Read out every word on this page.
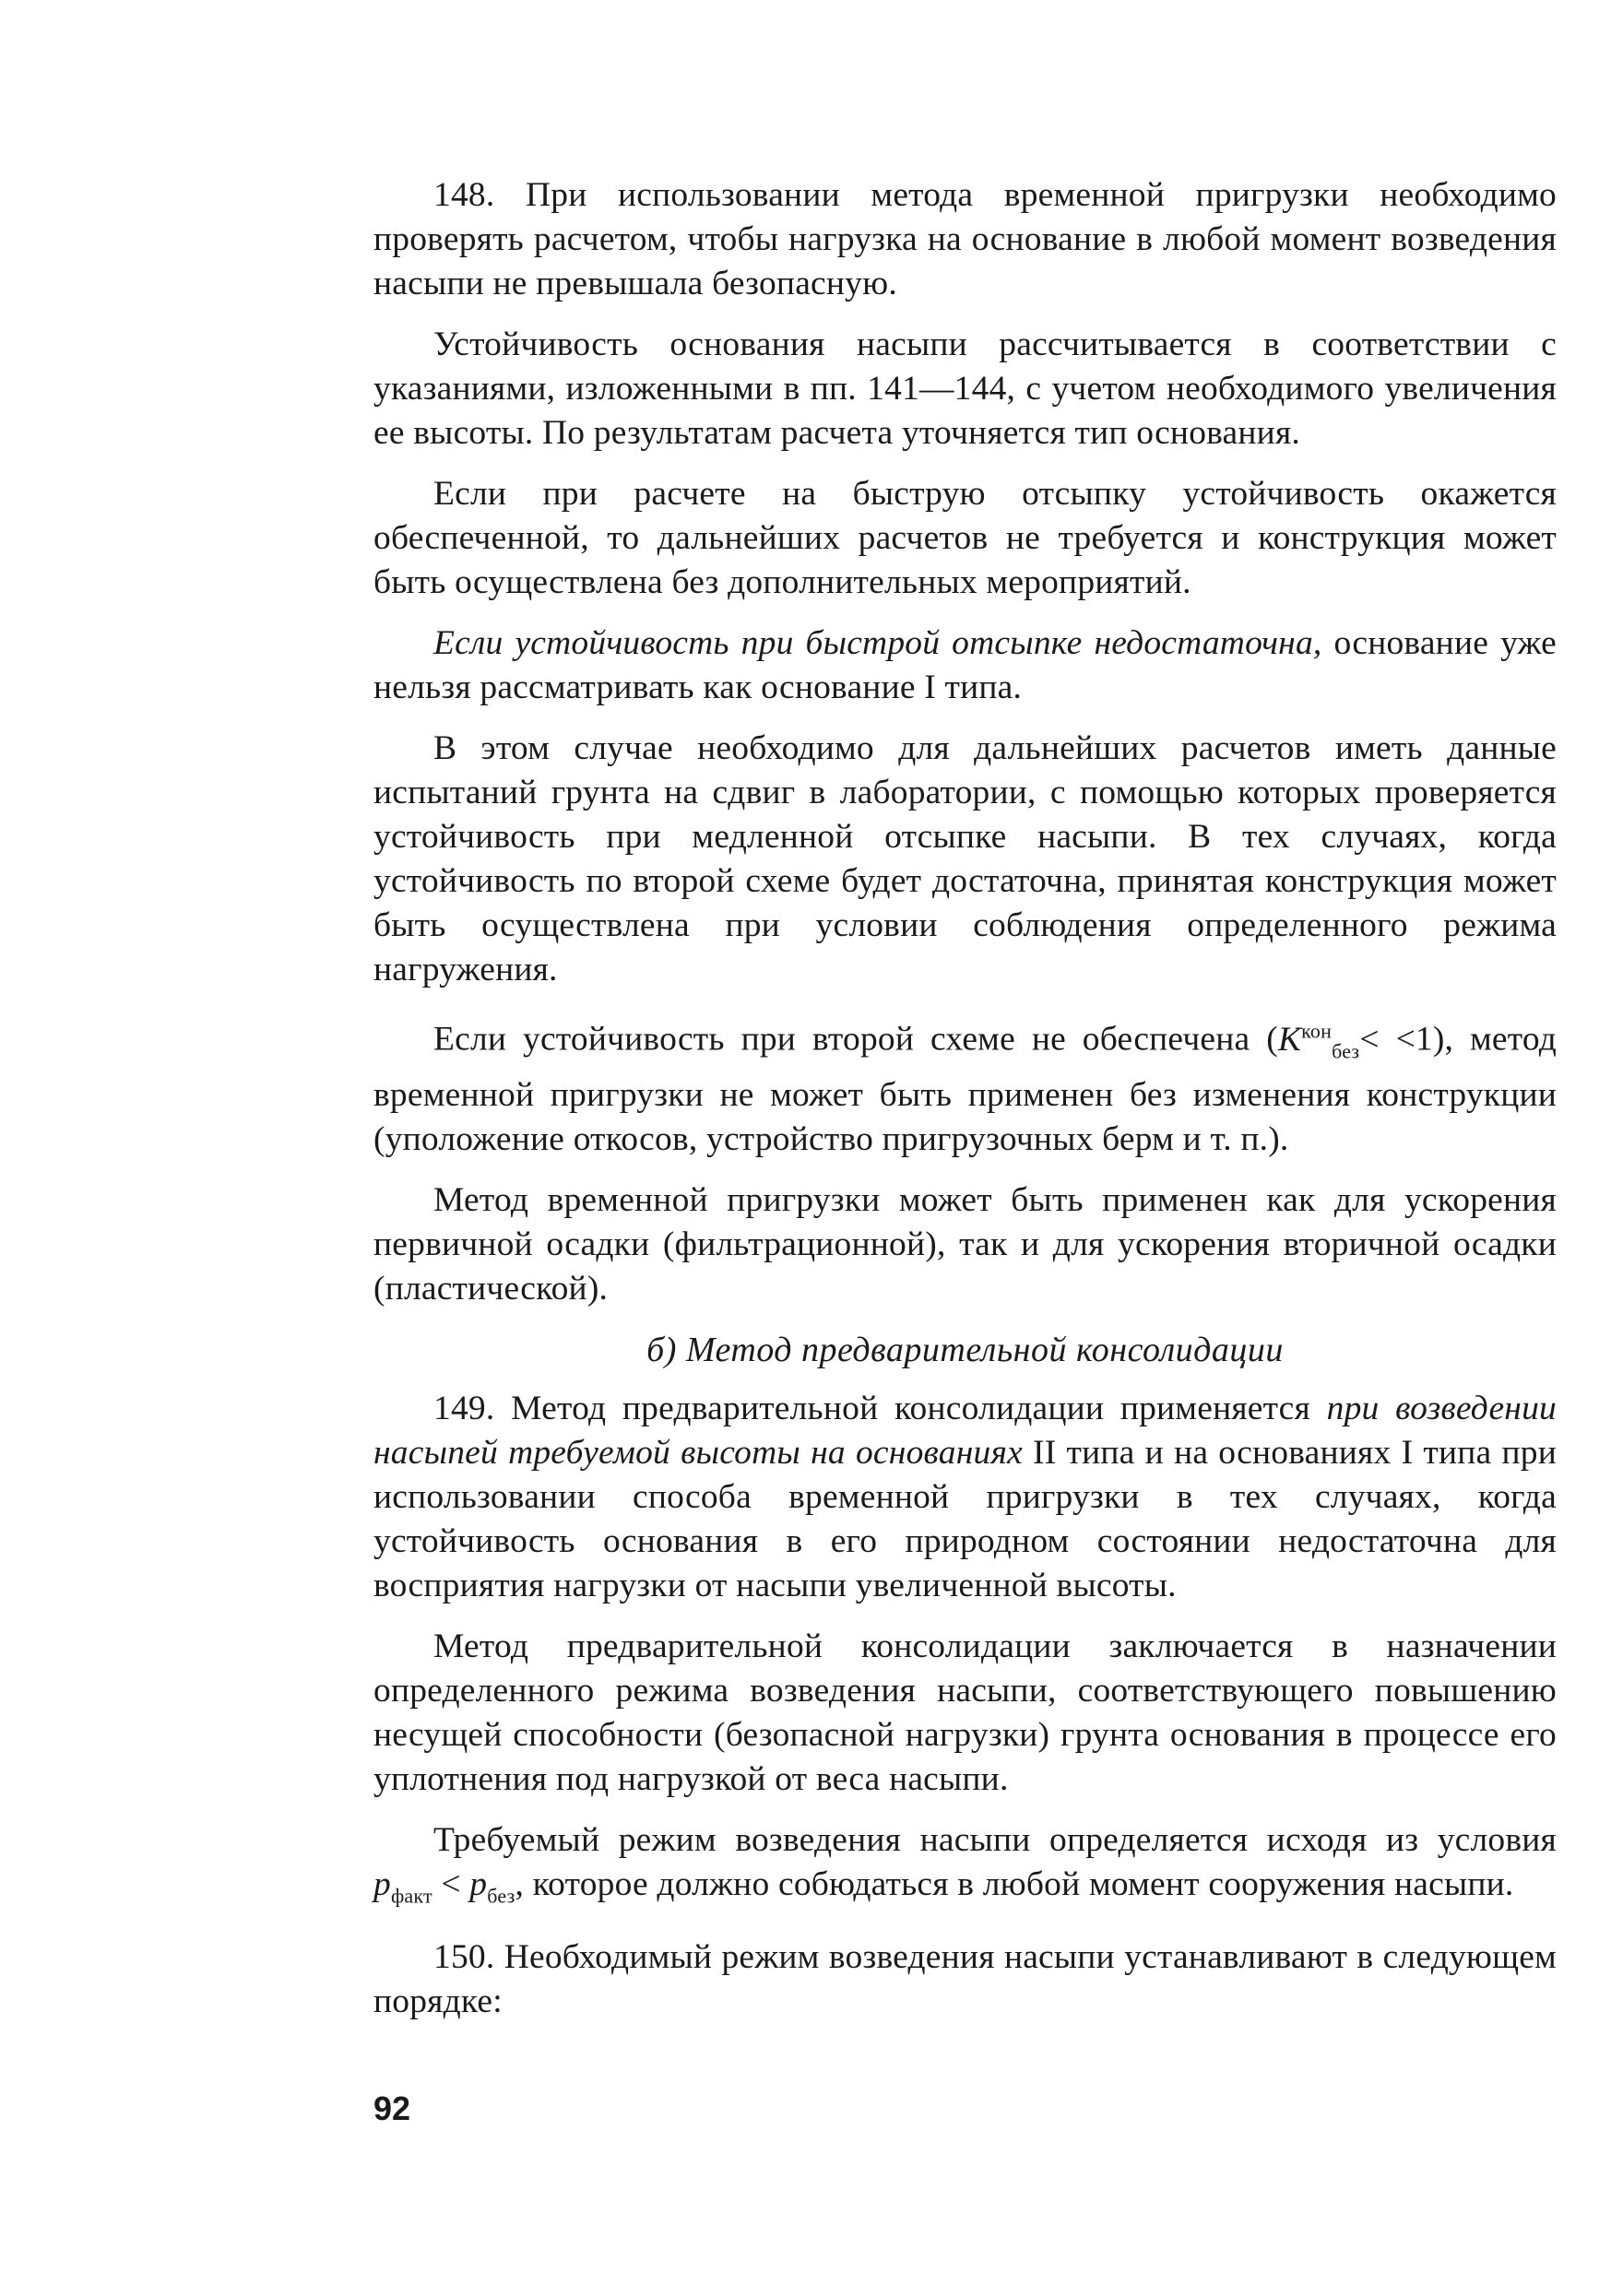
148. При использовании метода временной пригрузки необходимо проверять расчетом, чтобы нагрузка на основание в любой момент возведения насыпи не превышала безопасную.

Устойчивость основания насыпи рассчитывается в соответствии с указаниями, изложенными в пп. 141—144, с учетом необходимого увеличения ее высоты. По результатам расчета уточняется тип основания.

Если при расчете на быструю отсыпку устойчивость окажется обеспеченной, то дальнейших расчетов не требуется и конструкция может быть осуществлена без дополнительных мероприятий.

Если устойчивость при быстрой отсыпке недостаточна, основание уже нельзя рассматривать как основание I типа.

В этом случае необходимо для дальнейших расчетов иметь данные испытаний грунта на сдвиг в лаборатории, с помощью которых проверяется устойчивость при медленной отсыпке насыпи. В тех случаях, когда устойчивость по второй схеме будет достаточна, принятая конструкция может быть осуществлена при условии соблюдения определенного режима нагружения.

Если устойчивость при второй схеме не обеспечена $(K^{кон}_{без}< <1)$, метод временной пригрузки не может быть применен без изменения конструкции (уположение откосов, устройство пригрузочных берм и т. п.).

Метод временной пригрузки может быть применен как для ускорения первичной осадки (фильтрационной), так и для ускорения вторичной осадки (пластической).

б) Метод предварительной консолидации

149. Метод предварительной консолидации применяется при возведении насыпей требуемой высоты на основаниях II типа и на основаниях I типа при использовании способа временной пригрузки в тех случаях, когда устойчивость основания в его природном состоянии недостаточна для восприятия нагрузки от насыпи увеличенной высоты.

Метод предварительной консолидации заключается в назначении определенного режима возведения насыпи, соответствующего повышению несущей способности (безопасной нагрузки) грунта основания в процессе его уплотнения под нагрузкой от веса насыпи.

Требуемый режим возведения насыпи определяется исходя из условия $p_{факт} < p_{без}$, которое должно собюдаться в любой момент сооружения насыпи.

150. Необходимый режим возведения насыпи устанавливают в следующем порядке:

92
